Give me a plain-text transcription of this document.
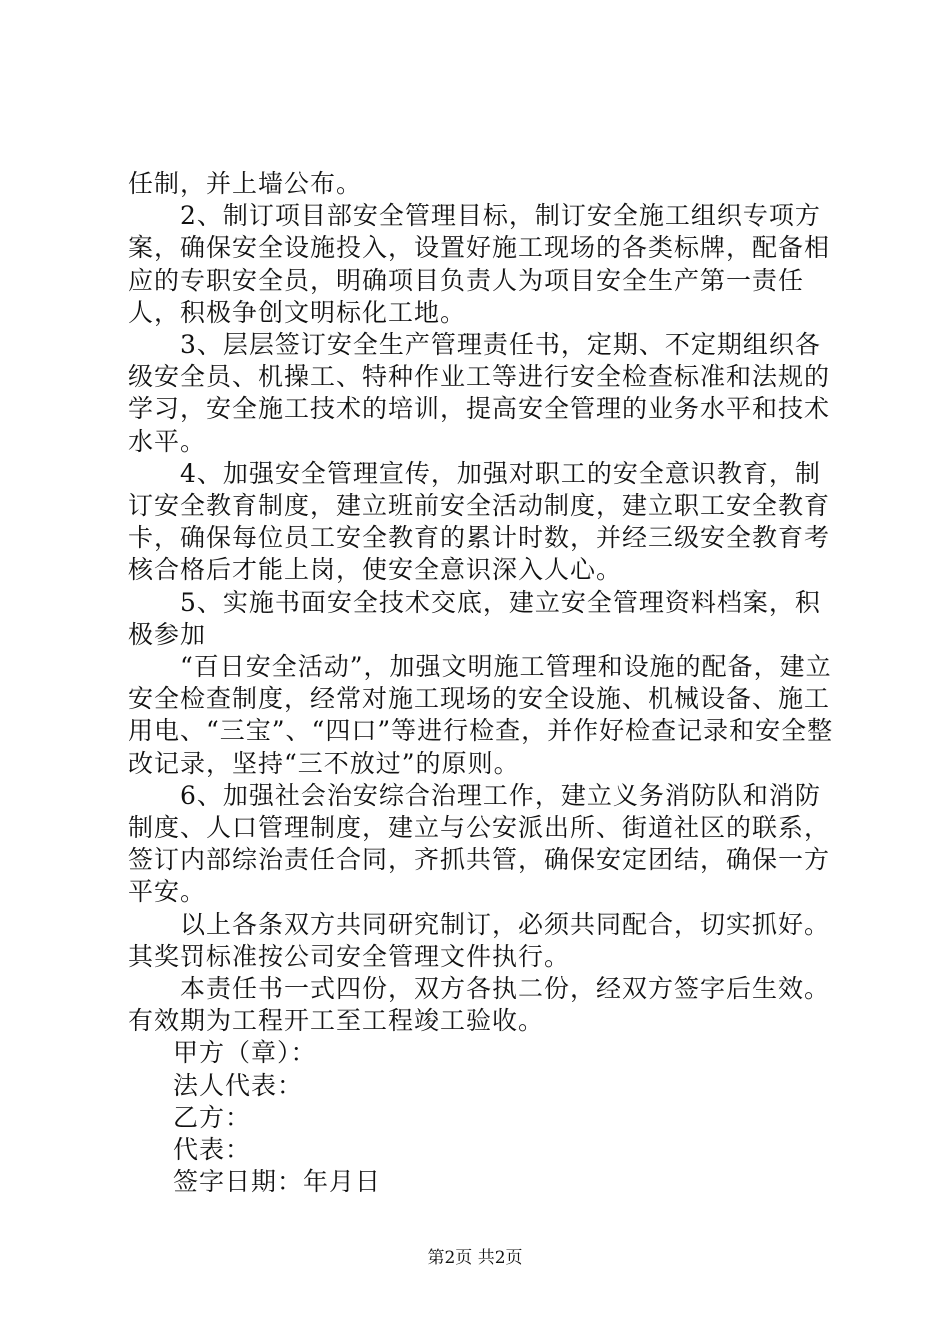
任制，并上墙公布。

　　2、制订项目部安全管理目标，制订安全施工组织专项方案，确保安全设施投入，设置好施工现场的各类标牌，配备相应的专职安全员，明确项目负责人为项目安全生产第一责任人，积极争创文明标化工地。

　　3、层层签订安全生产管理责任书，定期、不定期组织各级安全员、机操工、特种作业工等进行安全检查标准和法规的学习，安全施工技术的培训，提高安全管理的业务水平和技术水平。

　　4、加强安全管理宣传，加强对职工的安全意识教育，制订安全教育制度，建立班前安全活动制度，建立职工安全教育卡，确保每位员工安全教育的累计时数，并经三级安全教育考核合格后才能上岗，使安全意识深入人心。

　　5、实施书面安全技术交底，建立安全管理资料档案，积极参加

　　“百日安全活动”，加强文明施工管理和设施的配备，建立安全检查制度，经常对施工现场的安全设施、机械设备、施工用电、“三宝”、“四口”等进行检查，并作好检查记录和安全整改记录，坚持“三不放过”的原则。

　　6、加强社会治安综合治理工作，建立义务消防队和消防制度、人口管理制度，建立与公安派出所、街道社区的联系，签订内部综治责任合同，齐抓共管，确保安定团结，确保一方平安。

　　以上各条双方共同研究制订，必须共同配合，切实抓好。其奖罚标准按公司安全管理文件执行。

　　本责任书一式四份，双方各执二份，经双方签字后生效。有效期为工程开工至工程竣工验收。

甲方（章）：

法人代表：

乙方：

代表：

签字日期：年月日

第2页 共2页
